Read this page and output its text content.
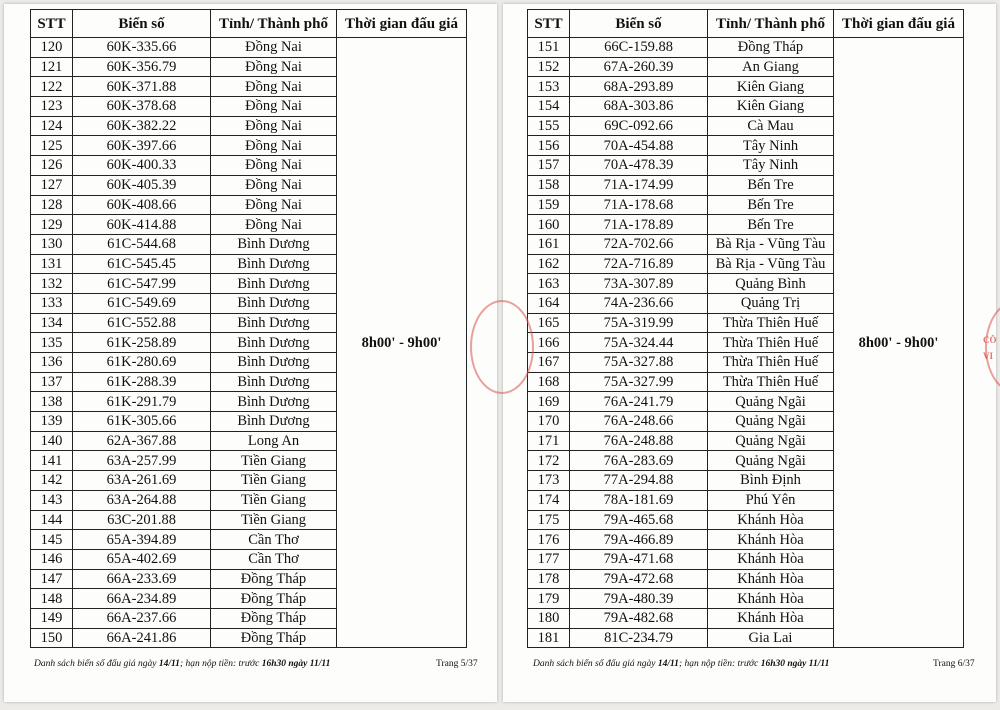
STT	Biển số	Tỉnh/ Thành phố	Thời gian đấu giá
120	60K-335.66	Đồng Nai	8h00' - 9h00'
121	60K-356.79	Đồng Nai	
122	60K-371.88	Đồng Nai	
123	60K-378.68	Đồng Nai	
124	60K-382.22	Đồng Nai	
125	60K-397.66	Đồng Nai	
126	60K-400.33	Đồng Nai	
127	60K-405.39	Đồng Nai	
128	60K-408.66	Đồng Nai	
129	60K-414.88	Đồng Nai	
130	61C-544.68	Bình Dương	
131	61C-545.45	Bình Dương	
132	61C-547.99	Bình Dương	
133	61C-549.69	Bình Dương	
134	61C-552.88	Bình Dương	
135	61K-258.89	Bình Dương	
136	61K-280.69	Bình Dương	
137	61K-288.39	Bình Dương	
138	61K-291.79	Bình Dương	
139	61K-305.66	Bình Dương	
140	62A-367.88	Long An	
141	63A-257.99	Tiền Giang	
142	63A-261.69	Tiền Giang	
143	63A-264.88	Tiền Giang	
144	63C-201.88	Tiền Giang	
145	65A-394.89	Cần Thơ	
146	65A-402.69	Cần Thơ	
147	66A-233.69	Đồng Tháp	
148	66A-234.89	Đồng Tháp	
149	66A-237.66	Đồng Tháp	
150	66A-241.86	Đồng Tháp	
Danh sách biển số đấu giá ngày 14/11; hạn nộp tiền: trước 16h30 ngày 11/11	Trang 5/37
STT	Biển số	Tỉnh/ Thành phố	Thời gian đấu giá
151	66C-159.88	Đồng Tháp	8h00' - 9h00'
152	67A-260.39	An Giang	
153	68A-293.89	Kiên Giang	
154	68A-303.86	Kiên Giang	
155	69C-092.66	Cà Mau	
156	70A-454.88	Tây Ninh	
157	70A-478.39	Tây Ninh	
158	71A-174.99	Bến Tre	
159	71A-178.68	Bến Tre	
160	71A-178.89	Bến Tre	
161	72A-702.66	Bà Rịa - Vũng Tàu	
162	72A-716.89	Bà Rịa - Vũng Tàu	
163	73A-307.89	Quảng Bình	
164	74A-236.66	Quảng Trị	
165	75A-319.99	Thừa Thiên Huế	
166	75A-324.44	Thừa Thiên Huế	
167	75A-327.88	Thừa Thiên Huế	
168	75A-327.99	Thừa Thiên Huế	
169	76A-241.79	Quảng Ngãi	
170	76A-248.66	Quảng Ngãi	
171	76A-248.88	Quảng Ngãi	
172	76A-283.69	Quảng Ngãi	
173	77A-294.88	Bình Định	
174	78A-181.69	Phú Yên	
175	79A-465.68	Khánh Hòa	
176	79A-466.89	Khánh Hòa	
177	79A-471.68	Khánh Hòa	
178	79A-472.68	Khánh Hòa	
179	79A-480.39	Khánh Hòa	
180	79A-482.68	Khánh Hòa	
181	81C-234.79	Gia Lai	
Danh sách biển số đấu giá ngày 14/11; hạn nộp tiền: trước 16h30 ngày 11/11	Trang 6/37
CÔ
VI
